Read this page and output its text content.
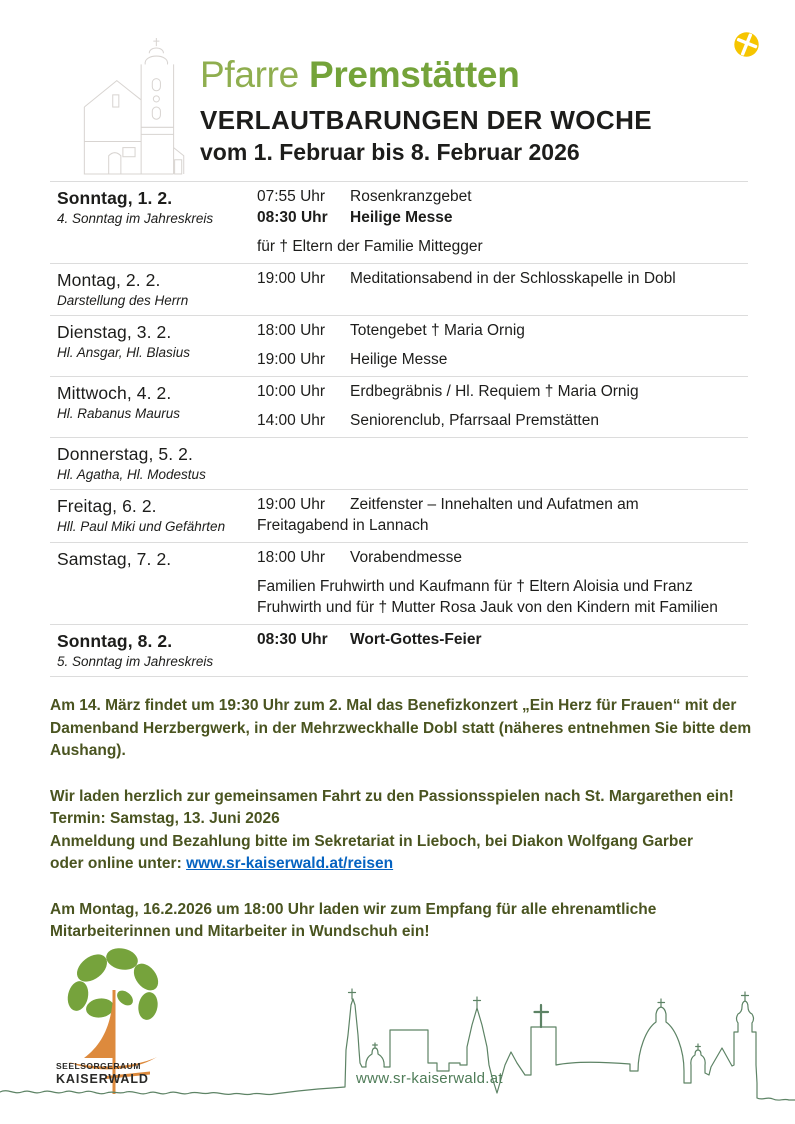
Pfarre Premstätten
VERLAUTBARUNGEN DER WOCHE
vom 1. Februar bis 8. Februar 2026
Sonntag, 1. 2.
4. Sonntag im Jahreskreis
07:55 Uhr Rosenkranzgebet
08:30 Uhr Heilige Messe
für † Eltern der Familie Mittegger
Montag, 2. 2.
Darstellung des Herrn
19:00 Uhr Meditationsabend in der Schlosskapelle in Dobl
Dienstag, 3. 2.
Hl. Ansgar, Hl. Blasius
18:00 Uhr Totengebet † Maria Ornig
19:00 Uhr Heilige Messe
Mittwoch, 4. 2.
Hl. Rabanus Maurus
10:00 Uhr Erdbegräbnis / Hl. Requiem † Maria Ornig
14:00 Uhr Seniorenclub, Pfarrsaal Premstätten
Donnerstag, 5. 2.
Hl. Agatha, Hl. Modestus
Freitag, 6. 2.
Hll. Paul Miki und Gefährten
19:00 Uhr Zeitfenster – Innehalten und Aufatmen am
Freitagabend in Lannach
Samstag, 7. 2.	18:00 Uhr Vorabendmesse
Familien Fruhwirth und Kaufmann für † Eltern Aloisia und Franz Fruhwirth und für † Mutter Rosa Jauk von den Kindern mit Familien
Sonntag, 8. 2.
5. Sonntag im Jahreskreis
08:30 Uhr Wort-Gottes-Feier

Am 14. März findet um 19:30 Uhr zum 2. Mal das Benefizkonzert „Ein Herz für Frauen“ mit der Damenband Herzbergwerk, in der Mehrzweckhalle Dobl statt (näheres entnehmen Sie bitte dem Aushang).

Wir laden herzlich zur gemeinsamen Fahrt zu den Passionsspielen nach St. Margarethen ein!
Termin: Samstag, 13. Juni 2026
Anmeldung und Bezahlung bitte im Sekretariat in Lieboch, bei Diakon Wolfgang Garber
oder online unter: www.sr-kaiserwald.at/reisen

Am Montag, 16.2.2026 um 18:00 Uhr laden wir zum Empfang für alle ehrenamtliche Mitarbeiterinnen und Mitarbeiter in Wundschuh ein!

SEELSORGERAUM
KAISERWALD	www.sr-kaiserwald.at
